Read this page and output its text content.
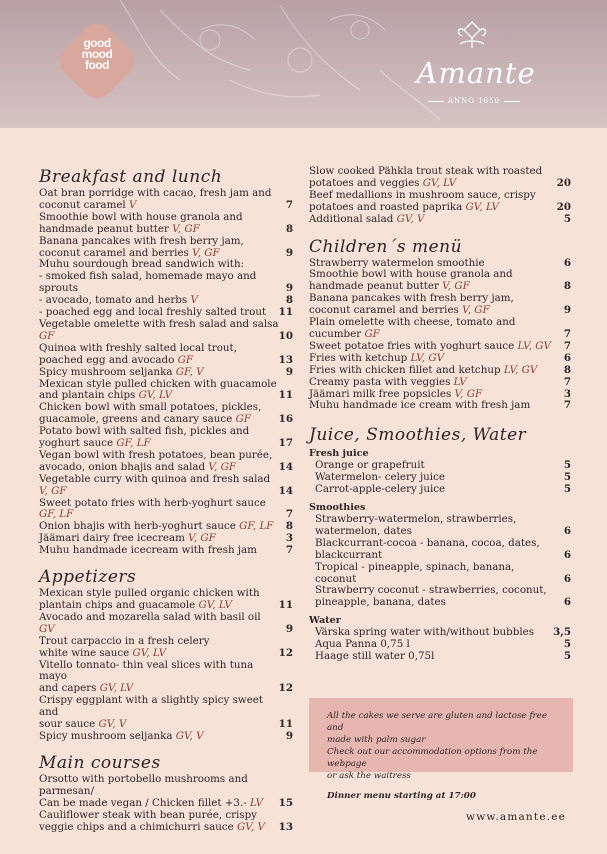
good
mood
food	Amante
ANNO 1650
Breakfast and lunch
Oat bran porridge with cacao, fresh jam and
coconut caramel V	7
Smoothie bowl with house granola and
handmade peanut butter V, GF	8
Banana pancakes with fresh berry jam,
coconut caramel and berries V, GF	9
Muhu sourdough bread sandwich with:
- smoked fish salad, homemade mayo and sprouts	9
- avocado, tomato and herbs V	8
- poached egg and local freshly salted trout 11
Vegetable omelette with fresh salad and salsa GF	10
Quinoa with freshly salted local trout,
poached egg and avocado GF	13
Spicy mushroom seljanka GF, V	9
Mexican style pulled chicken with guacamole
and plantain chips GV, LV	11
Chicken bowl with small potatoes, pickles,
guacamole, greens and canary sauce GF	16
Potato bowl with salted fish, pickles and
yoghurt sauce GF, LF	17
Vegan bowl with fresh potatoes, bean purée,
avocado, onion bhajis and salad V, GF	14
Vegetable curry with quinoa and fresh salad V, GF	14
Sweet potato fries with herb-yoghurt sauce GF, LF	7
Onion bhajis with herb-yoghurt sauce GF, LF 8
Jäämari dairy free icecream V, GF	3
Muhu handmade icecream with fresh jam	7
Appetizers
Mexican style pulled organic chicken with
plantain chips and guacamole GV, LV	11
Avocado and mozarella salad with basil oil GV	9
Trout carpaccio in a fresh celery
white wine sauce GV, LV	12
Vitello tonnato- thin veal slices with tuna mayo
and capers GV, LV	12
Crispy eggplant with a slightly spicy sweet and
sour sauce GV, V	11
Spicy mushroom seljanka GV, V	9
Main courses
Orsotto with portobello mushrooms and parmesan/
Can be made vegan / Chicken fillet +3.- LV 15
Cauliflower steak with bean purée, crispy
veggie chips and a chimichurri sauce GV, V 13
Slow cooked Pähkla trout steak with roasted
potatoes and veggies GV, LV	20
Beef medallions in mushroom sauce, crispy
potatoes and roasted paprika GV, LV	20
Additional salad GV, V	5
Children´s menü
Strawberry watermelon smoothie	6
Smoothie bowl with house granola and
handmade peanut butter V, GF	8
Banana pancakes with fresh berry jam,
coconut caramel and berries V, GF	9
Plain omelette with cheese, tomato and cucumber GF	7
Sweet potatoe fries with yoghurt sauce LV, GV 7
Fries with ketchup LV, GV	6
Fries with chicken fillet and ketchup LV, GV	8
Creamy pasta with veggies LV	7
Jäämari milk free popsicles V, GF	3
Muhu handmade ice cream with fresh jam	7
Juice, Smoothies, Water
Fresh juice
Orange or grapefruit	5
Watermelon- celery juice	5
Carrot-apple-celery juice	5
Smoothies
Strawberry-watermelon, strawberries,
watermelon, dates	6
Blackcurrant-cocoa - banana, cocoa, dates,
blackcurrant	6
Tropical - pineapple, spinach, banana, coconut	6
Strawberry coconut - strawberries, coconut,
pineapple, banana, dates	6
Water
Värska spring water with/without bubbles 3,5
Aqua Panna 0,75 l	5
Haage still water 0,75l	5
All the cakes we serve are gluten and lactose free and
made with palm sugar
Check out our accommodation options from the webpage
or ask the waitress
Dinner menu starting at 17:00
www.amante.ee
